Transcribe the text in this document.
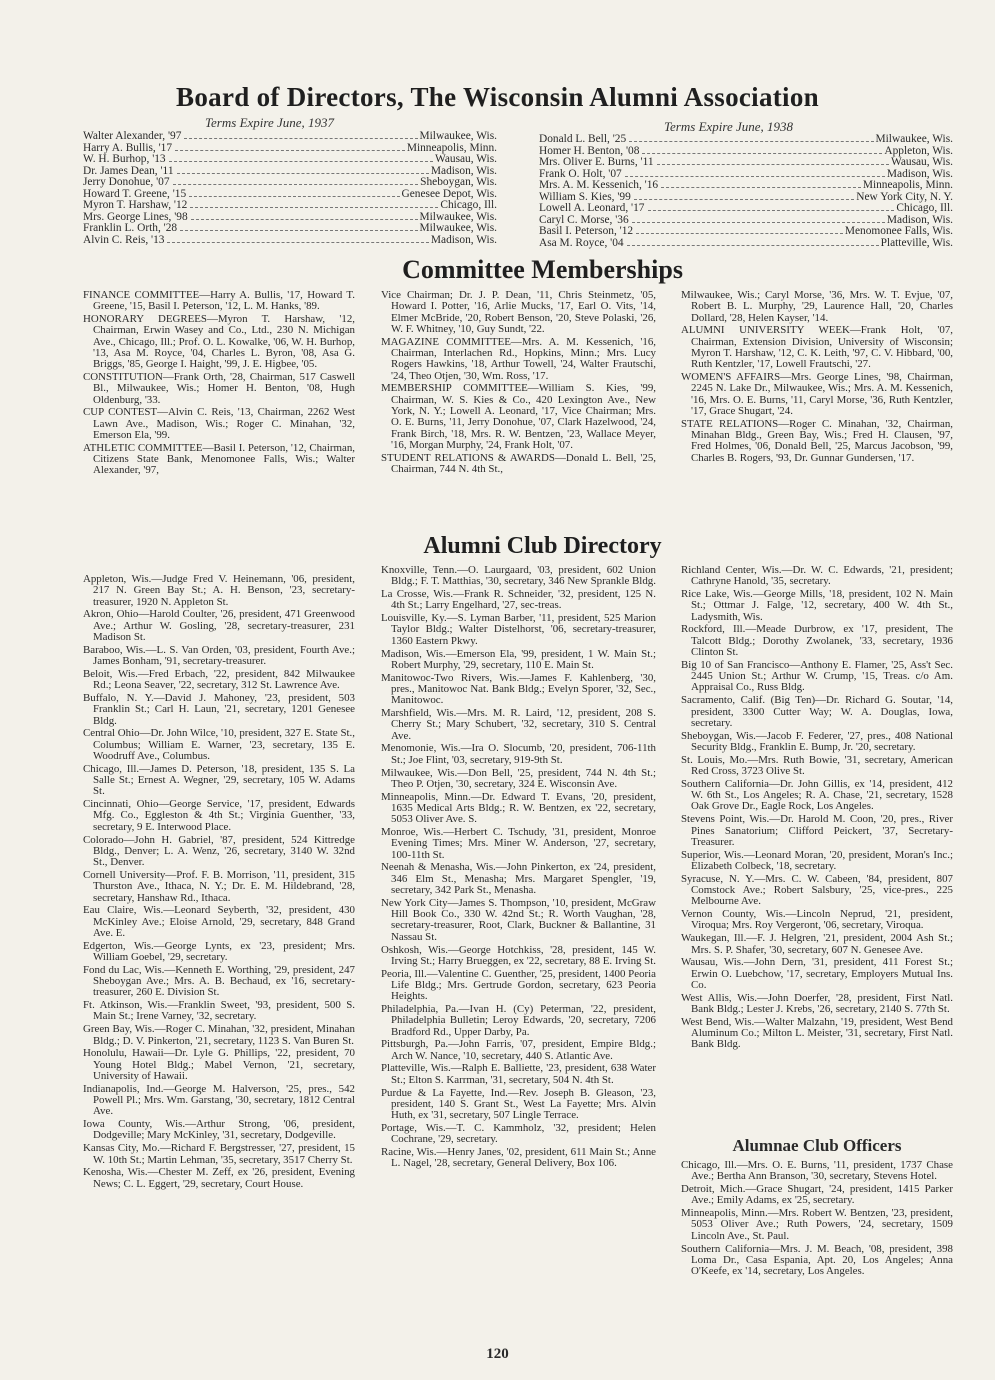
Board of Directors, The Wisconsin Alumni Association
Terms Expire June, 1937	Terms Expire June, 1938
Walter Alexander, '97	Milwaukee, Wis.
Harry A. Bullis, '17	Minneapolis, Minn.
W. H. Burhop, '13	Wausau, Wis.
Dr. James Dean, '11	Madison, Wis.
Jerry Donohue, '07	Sheboygan, Wis.
Howard T. Greene, '15	Genesee Depot, Wis.
Myron T. Harshaw, '12	Chicago, Ill.
Mrs. George Lines, '98	Milwaukee, Wis.
Franklin L. Orth, '28	Milwaukee, Wis.
Alvin C. Reis, '13	Madison, Wis.
Donald L. Bell, '25	Milwaukee, Wis.
Homer H. Benton, '08	Appleton, Wis.
Mrs. Oliver E. Burns, '11	Wausau, Wis.
Frank O. Holt, '07	Madison, Wis.
Mrs. A. M. Kessenich, '16	Minneapolis, Minn.
William S. Kies, '99	New York City, N. Y.
Lowell A. Leonard, '17	Chicago, Ill.
Caryl C. Morse, '36	Madison, Wis.
Basil I. Peterson, '12	Menomonee Falls, Wis.
Asa M. Royce, '04	Platteville, Wis.
Committee Memberships

FINANCE COMMITTEE—Harry A. Bullis, '17, Howard T. Greene, '15, Basil I. Peterson, '12, L. M. Hanks, '89.

HONORARY DEGREES—Myron T. Harshaw, '12, Chairman, Erwin Wasey and Co., Ltd., 230 N. Michigan Ave., Chicago, Ill.; Prof. O. L. Kowalke, '06, W. H. Burhop, '13, Asa M. Royce, '04, Charles L. Byron, '08, Asa G. Briggs, '85, George I. Haight, '99, J. E. Higbee, '05.

CONSTITUTION—Frank Orth, '28, Chairman, 517 Caswell Bl., Milwaukee, Wis.; Homer H. Benton, '08, Hugh Oldenburg, '33.

CUP CONTEST—Alvin C. Reis, '13, Chairman, 2262 West Lawn Ave., Madison, Wis.; Roger C. Minahan, '32, Emerson Ela, '99.

ATHLETIC COMMITTEE—Basil I. Peterson, '12, Chairman, Citizens State Bank, Menomonee Falls, Wis.; Walter Alexander, '97,

Vice Chairman; Dr. J. P. Dean, '11, Chris Steinmetz, '05, Howard I. Potter, '16, Arlie Mucks, '17, Earl O. Vits, '14, Elmer McBride, '20, Robert Benson, '20, Steve Polaski, '26, W. F. Whitney, '10, Guy Sundt, '22.

MAGAZINE COMMITTEE—Mrs. A. M. Kessenich, '16, Chairman, Interlachen Rd., Hopkins, Minn.; Mrs. Lucy Rogers Hawkins, '18, Arthur Towell, '24, Walter Frautschi, '24, Theo Otjen, '30, Wm. Ross, '17.

MEMBERSHIP COMMITTEE—William S. Kies, '99, Chairman, W. S. Kies & Co., 420 Lexington Ave., New York, N. Y.; Lowell A. Leonard, '17, Vice Chairman; Mrs. O. E. Burns, '11, Jerry Donohue, '07, Clark Hazelwood, '24, Frank Birch, '18, Mrs. R. W. Bentzen, '23, Wallace Meyer, '16, Morgan Murphy, '24, Frank Holt, '07.

STUDENT RELATIONS & AWARDS—Donald L. Bell, '25, Chairman, 744 N. 4th St.,

Milwaukee, Wis.; Caryl Morse, '36, Mrs. W. T. Evjue, '07, Robert B. L. Murphy, '29, Laurence Hall, '20, Charles Dollard, '28, Helen Kayser, '14.

ALUMNI UNIVERSITY WEEK—Frank Holt, '07, Chairman, Extension Division, University of Wisconsin; Myron T. Harshaw, '12, C. K. Leith, '97, C. V. Hibbard, '00, Ruth Kentzler, '17, Lowell Frautschi, '27.

WOMEN'S AFFAIRS—Mrs. George Lines, '98, Chairman, 2245 N. Lake Dr., Milwaukee, Wis.; Mrs. A. M. Kessenich, '16, Mrs. O. E. Burns, '11, Caryl Morse, '36, Ruth Kentzler, '17, Grace Shugart, '24.

STATE RELATIONS—Roger C. Minahan, '32, Chairman, Minahan Bldg., Green Bay, Wis.; Fred H. Clausen, '97, Fred Holmes, '06, Donald Bell, '25, Marcus Jacobson, '99, Charles B. Rogers, '93, Dr. Gunnar Gundersen, '17.

Alumni Club Directory

Appleton, Wis.—Judge Fred V. Heinemann, '06, president, 217 N. Green Bay St.; A. H. Benson, '23, secretary-treasurer, 1920 N. Appleton St.

Akron, Ohio—Harold Coulter, '26, president, 471 Greenwood Ave.; Arthur W. Gosling, '28, secretary-treasurer, 231 Madison St.

Baraboo, Wis.—L. S. Van Orden, '03, president, Fourth Ave.; James Bonham, '91, secretary-treasurer.

Beloit, Wis.—Fred Erbach, '22, president, 842 Milwaukee Rd.; Leona Seaver, '22, secretary, 312 St. Lawrence Ave.

Buffalo, N. Y.—David J. Mahoney, '23, president, 503 Franklin St.; Carl H. Laun, '21, secretary, 1201 Genesee Bldg.

Central Ohio—Dr. John Wilce, '10, president, 327 E. State St., Columbus; William E. Warner, '23, secretary, 135 E. Woodruff Ave., Columbus.

Chicago, Ill.—James D. Peterson, '18, president, 135 S. La Salle St.; Ernest A. Wegner, '29, secretary, 105 W. Adams St.

Cincinnati, Ohio—George Service, '17, president, Edwards Mfg. Co., Eggleston & 4th St.; Virginia Guenther, '33, secretary, 9 E. Interwood Place.

Colorado—John H. Gabriel, '87, president, 524 Kittredge Bldg., Denver; L. A. Wenz, '26, secretary, 3140 W. 32nd St., Denver.

Cornell University—Prof. F. B. Morrison, '11, president, 315 Thurston Ave., Ithaca, N. Y.; Dr. E. M. Hildebrand, '28, secretary, Hanshaw Rd., Ithaca.

Eau Claire, Wis.—Leonard Seyberth, '32, president, 430 McKinley Ave.; Eloise Arnold, '29, secretary, 848 Grand Ave. E.

Edgerton, Wis.—George Lynts, ex '23, president; Mrs. William Goebel, '29, secretary.

Fond du Lac, Wis.—Kenneth E. Worthing, '29, president, 247 Sheboygan Ave.; Mrs. A. B. Bechaud, ex '16, secretary-treasurer, 260 E. Division St.

Ft. Atkinson, Wis.—Franklin Sweet, '93, president, 500 S. Main St.; Irene Varney, '32, secretary.

Green Bay, Wis.—Roger C. Minahan, '32, president, Minahan Bldg.; D. V. Pinkerton, '21, secretary, 1123 S. Van Buren St.

Honolulu, Hawaii—Dr. Lyle G. Phillips, '22, president, 70 Young Hotel Bldg.; Mabel Vernon, '21, secretary, University of Hawaii.

Indianapolis, Ind.—George M. Halverson, '25, pres., 542 Powell Pl.; Mrs. Wm. Garstang, '30, secretary, 1812 Central Ave.

Iowa County, Wis.—Arthur Strong, '06, president, Dodgeville; Mary McKinley, '31, secretary, Dodgeville.

Kansas City, Mo.—Richard F. Bergstresser, '27, president, 15 W. 10th St.; Martin Lehman, '35, secretary, 3517 Cherry St.

Kenosha, Wis.—Chester M. Zeff, ex '26, president, Evening News; C. L. Eggert, '29, secretary, Court House.

Knoxville, Tenn.—O. Laurgaard, '03, president, 602 Union Bldg.; F. T. Matthias, '30, secretary, 346 New Sprankle Bldg.

La Crosse, Wis.—Frank R. Schneider, '32, president, 125 N. 4th St.; Larry Engelhard, '27, sec-treas.

Louisville, Ky.—S. Lyman Barber, '11, president, 525 Marion Taylor Bldg.; Walter Distelhorst, '06, secretary-treasurer, 1360 Eastern Pkwy.

Madison, Wis.—Emerson Ela, '99, president, 1 W. Main St.; Robert Murphy, '29, secretary, 110 E. Main St.

Manitowoc-Two Rivers, Wis.—James F. Kahlenberg, '30, pres., Manitowoc Nat. Bank Bldg.; Evelyn Sporer, '32, Sec., Manitowoc.

Marshfield, Wis.—Mrs. M. R. Laird, '12, president, 208 S. Cherry St.; Mary Schubert, '32, secretary, 310 S. Central Ave.

Menomonie, Wis.—Ira O. Slocumb, '20, president, 706-11th St.; Joe Flint, '03, secretary, 919-9th St.

Milwaukee, Wis.—Don Bell, '25, president, 744 N. 4th St.; Theo P. Otjen, '30, secretary, 324 E. Wisconsin Ave.

Minneapolis, Minn.—Dr. Edward T. Evans, '20, president, 1635 Medical Arts Bldg.; R. W. Bentzen, ex '22, secretary, 5053 Oliver Ave. S.

Monroe, Wis.—Herbert C. Tschudy, '31, president, Monroe Evening Times; Mrs. Miner W. Anderson, '27, secretary, 100-11th St.

Neenah & Menasha, Wis.—John Pinkerton, ex '24, president, 346 Elm St., Menasha; Mrs. Margaret Spengler, '19, secretary, 342 Park St., Menasha.

New York City—James S. Thompson, '10, president, McGraw Hill Book Co., 330 W. 42nd St.; R. Worth Vaughan, '28, secretary-treasurer, Root, Clark, Buckner & Ballantine, 31 Nassau St.

Oshkosh, Wis.—George Hotchkiss, '28, president, 145 W. Irving St.; Harry Brueggen, ex '22, secretary, 88 E. Irving St.

Peoria, Ill.—Valentine C. Guenther, '25, president, 1400 Peoria Life Bldg.; Mrs. Gertrude Gordon, secretary, 623 Peoria Heights.

Philadelphia, Pa.—Ivan H. (Cy) Peterman, '22, president, Philadelphia Bulletin; Leroy Edwards, '20, secretary, 7206 Bradford Rd., Upper Darby, Pa.

Pittsburgh, Pa.—John Farris, '07, president, Empire Bldg.; Arch W. Nance, '10, secretary, 440 S. Atlantic Ave.

Platteville, Wis.—Ralph E. Balliette, '23, president, 638 Water St.; Elton S. Karrman, '31, secretary, 504 N. 4th St.

Purdue & La Fayette, Ind.—Rev. Joseph B. Gleason, '23, president, 140 S. Grant St., West La Fayette; Mrs. Alvin Huth, ex '31, secretary, 507 Lingle Terrace.

Portage, Wis.—T. C. Kammholz, '32, president; Helen Cochrane, '29, secretary.

Racine, Wis.—Henry Janes, '02, president, 611 Main St.; Anne L. Nagel, '28, secretary, General Delivery, Box 106.

Richland Center, Wis.—Dr. W. C. Edwards, '21, president; Cathryne Hanold, '35, secretary.

Rice Lake, Wis.—George Mills, '18, president, 102 N. Main St.; Ottmar J. Falge, '12, secretary, 400 W. 4th St., Ladysmith, Wis.

Rockford, Ill.—Meade Durbrow, ex '17, president, The Talcott Bldg.; Dorothy Zwolanek, '33, secretary, 1936 Clinton St.

Big 10 of San Francisco—Anthony E. Flamer, '25, Ass't Sec. 2445 Union St.; Arthur W. Crump, '15, Treas. c/o Am. Appraisal Co., Russ Bldg.

Sacramento, Calif. (Big Ten)—Dr. Richard G. Soutar, '14, president, 3300 Cutter Way; W. A. Douglas, Iowa, secretary.

Sheboygan, Wis.—Jacob F. Federer, '27, pres., 408 National Security Bldg., Franklin E. Bump, Jr. '20, secretary.

St. Louis, Mo.—Mrs. Ruth Bowie, '31, secretary, American Red Cross, 3723 Olive St.

Southern California—Dr. John Gillis, ex '14, president, 412 W. 6th St., Los Angeles; R. A. Chase, '21, secretary, 1528 Oak Grove Dr., Eagle Rock, Los Angeles.

Stevens Point, Wis.—Dr. Harold M. Coon, '20, pres., River Pines Sanatorium; Clifford Peickert, '37, Secretary-Treasurer.

Superior, Wis.—Leonard Moran, '20, president, Moran's Inc.; Elizabeth Colbeck, '18, secretary.

Syracuse, N. Y.—Mrs. C. W. Cabeen, '84, president, 807 Comstock Ave.; Robert Salsbury, '25, vice-pres., 225 Melbourne Ave.

Vernon County, Wis.—Lincoln Neprud, '21, president, Viroqua; Mrs. Roy Vergeront, '06, secretary, Viroqua.

Waukegan, Ill.—F. J. Helgren, '21, president, 2004 Ash St.; Mrs. S. P. Shafer, '30, secretary, 607 N. Genesee Ave.

Wausau, Wis.—John Dern, '31, president, 411 Forest St.; Erwin O. Luebchow, '17, secretary, Employers Mutual Ins. Co.

West Allis, Wis.—John Doerfer, '28, president, First Natl. Bank Bldg.; Lester J. Krebs, '26, secretary, 2140 S. 77th St.

West Bend, Wis.—Walter Malzahn, '19, president, West Bend Aluminum Co.; Milton L. Meister, '31, secretary, First Natl. Bank Bldg.

Alumnae Club Officers

Chicago, Ill.—Mrs. O. E. Burns, '11, president, 1737 Chase Ave.; Bertha Ann Branson, '30, secretary, Stevens Hotel.

Detroit, Mich.—Grace Shugart, '24, president, 1415 Parker Ave.; Emily Adams, ex '25, secretary.

Minneapolis, Minn.—Mrs. Robert W. Bentzen, '23, president, 5053 Oliver Ave.; Ruth Powers, '24, secretary, 1509 Lincoln Ave., St. Paul.

Southern California—Mrs. J. M. Beach, '08, president, 398 Loma Dr., Casa Espania, Apt. 20, Los Angeles; Anna O'Keefe, ex '14, secretary, Los Angeles.

120
